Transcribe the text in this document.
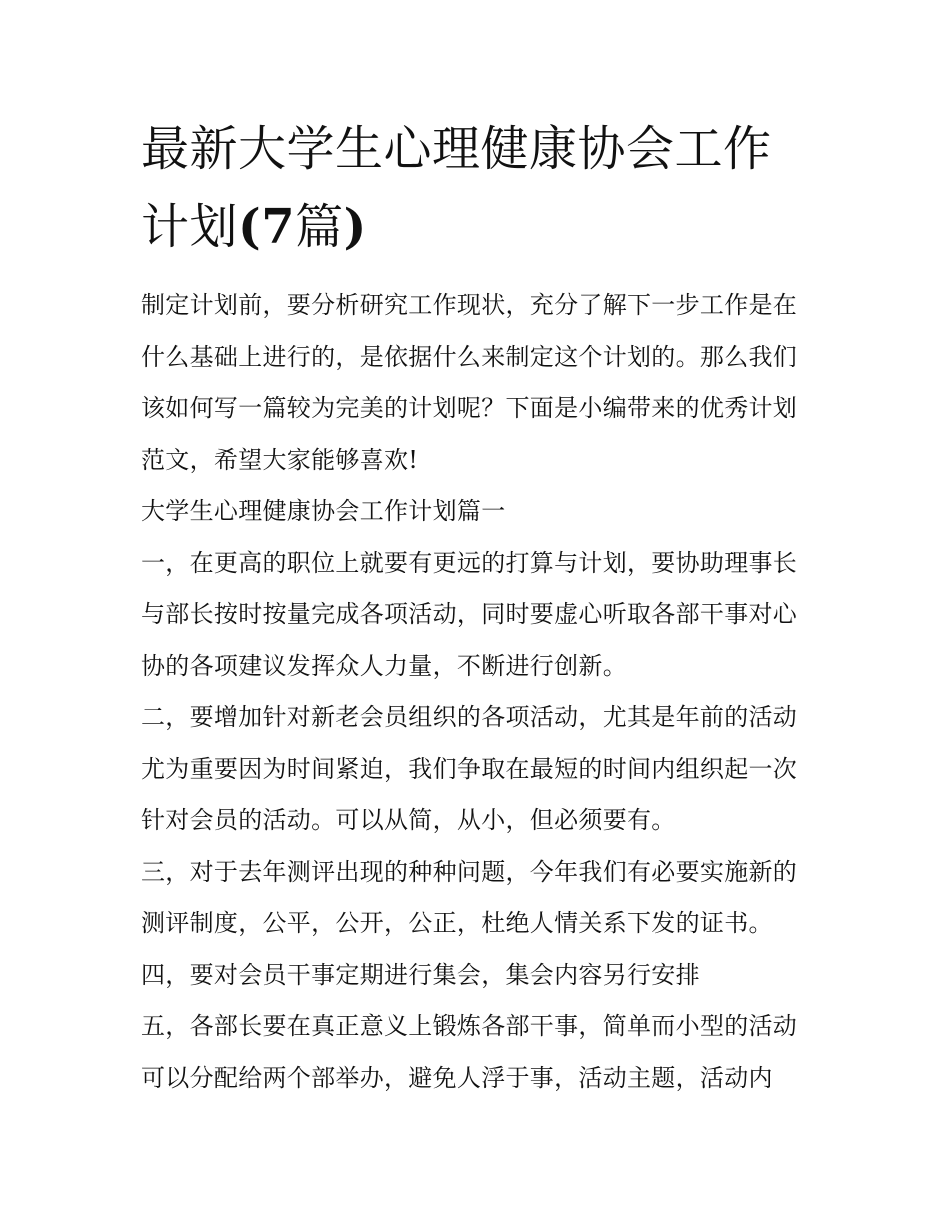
最新大学生心理健康协会工作
计划(7篇)

制定计划前，要分析研究工作现状，充分了解下一步工作是在
什么基础上进行的，是依据什么来制定这个计划的。那么我们
该如何写一篇较为完美的计划呢？下面是小编带来的优秀计划
范文，希望大家能够喜欢!

大学生心理健康协会工作计划篇一

一，在更高的职位上就要有更远的打算与计划，要协助理事长
与部长按时按量完成各项活动，同时要虚心听取各部干事对心
协的各项建议发挥众人力量，不断进行创新。

二，要增加针对新老会员组织的各项活动，尤其是年前的活动
尤为重要因为时间紧迫，我们争取在最短的时间内组织起一次
针对会员的活动。可以从简，从小，但必须要有。

三，对于去年测评出现的种种问题，今年我们有必要实施新的
测评制度，公平，公开，公正，杜绝人情关系下发的证书。

四，要对会员干事定期进行集会，集会内容另行安排

五，各部长要在真正意义上锻炼各部干事，简单而小型的活动
可以分配给两个部举办，避免人浮于事，活动主题，活动内
